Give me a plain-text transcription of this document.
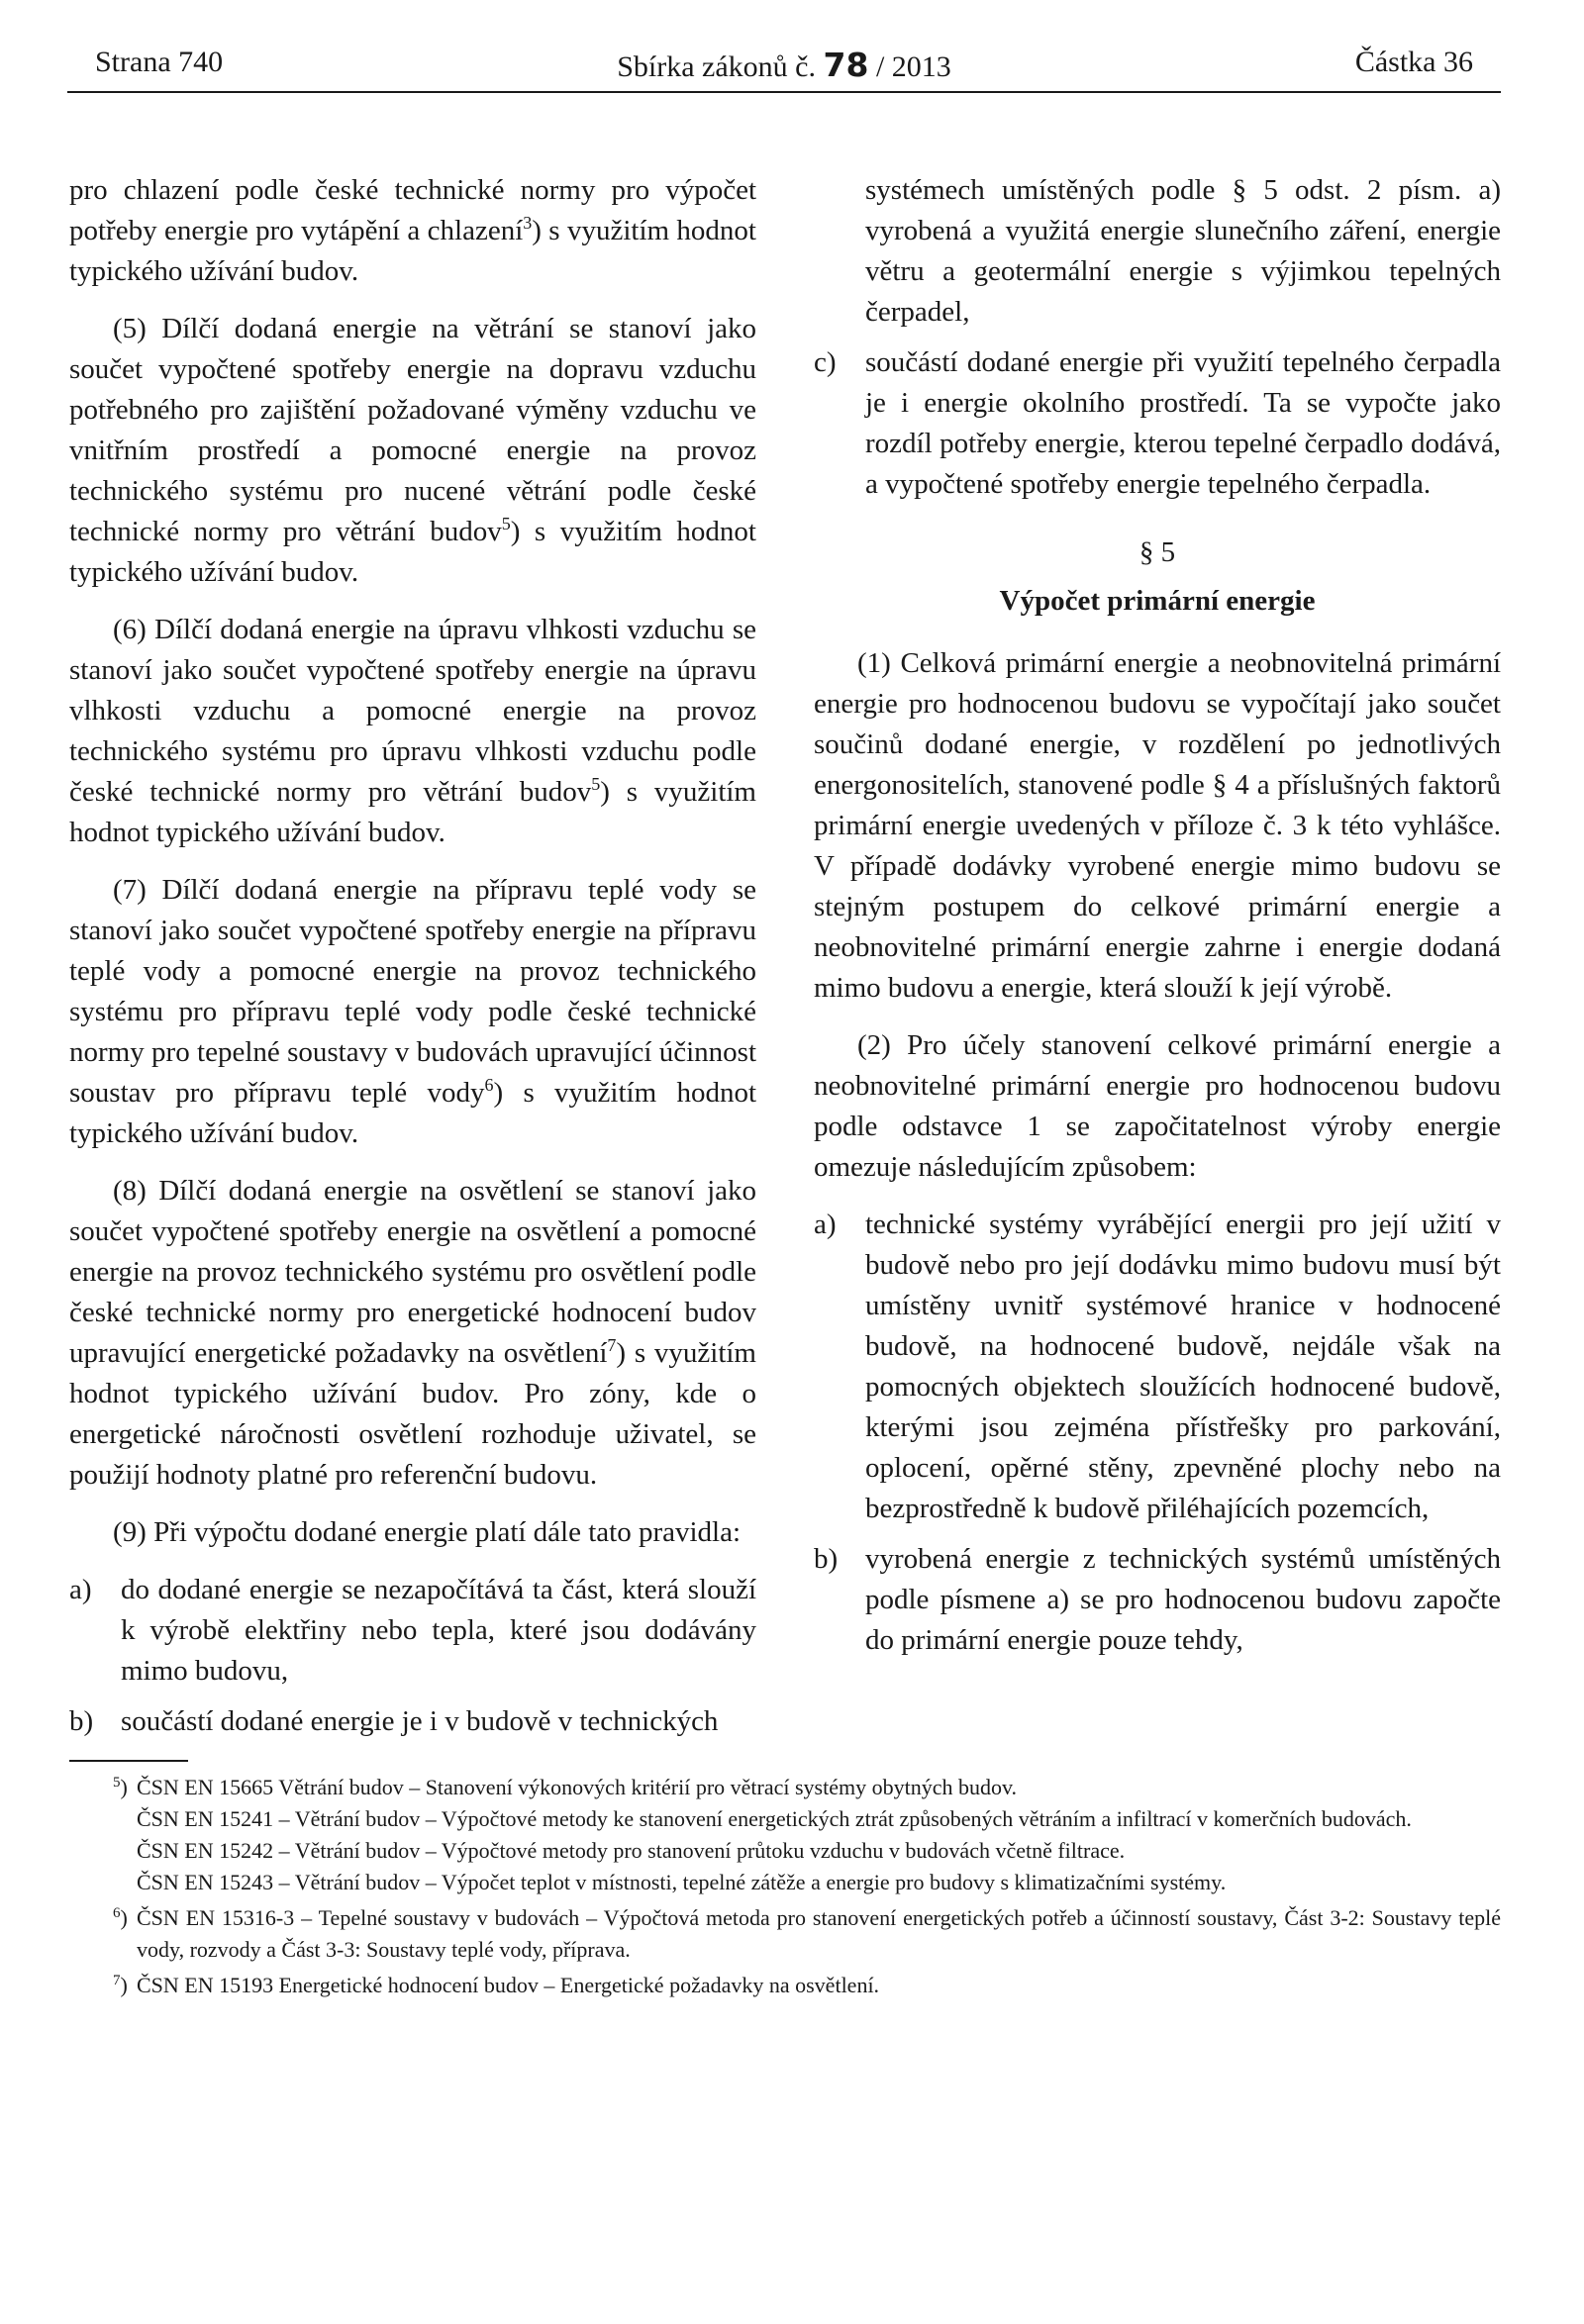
Strana 740	Sbírka zákonů č. 78 / 2013	Částka 36

pro chlazení podle české technické normy pro výpočet potřeby energie pro vytápění a chlazení$^3$) s využitím hodnot typického užívání budov.

(5) Dílčí dodaná energie na větrání se stanoví jako součet vypočtené spotřeby energie na dopravu vzduchu potřebného pro zajištění požadované výměny vzduchu ve vnitřním prostředí a pomocné energie na provoz technického systému pro nucené větrání podle české technické normy pro větrání budov$^5$) s využitím hodnot typického užívání budov.

(6) Dílčí dodaná energie na úpravu vlhkosti vzduchu se stanoví jako součet vypočtené spotřeby energie na úpravu vlhkosti vzduchu a pomocné energie na provoz technického systému pro úpravu vlhkosti vzduchu podle české technické normy pro větrání budov$^5$) s využitím hodnot typického užívání budov.

(7) Dílčí dodaná energie na přípravu teplé vody se stanoví jako součet vypočtené spotřeby energie na přípravu teplé vody a pomocné energie na provoz technického systému pro přípravu teplé vody podle české technické normy pro tepelné soustavy v budovách upravující účinnost soustav pro přípravu teplé vody$^6$) s využitím hodnot typického užívání budov.

(8) Dílčí dodaná energie na osvětlení se stanoví jako součet vypočtené spotřeby energie na osvětlení a pomocné energie na provoz technického systému pro osvětlení podle české technické normy pro energetické hodnocení budov upravující energetické požadavky na osvětlení$^7$) s využitím hodnot typického užívání budov. Pro zóny, kde o energetické náročnosti osvětlení rozhoduje uživatel, se použijí hodnoty platné pro referenční budovu.

(9) Při výpočtu dodané energie platí dále tato pravidla:

a) do dodané energie se nezapočítává ta část, která slouží k výrobě elektřiny nebo tepla, které jsou dodávány mimo budovu,
b) součástí dodané energie je i v budově v technických
systémech umístěných podle § 5 odst. 2 písm. a) vyrobená a využitá energie slunečního záření, energie větru a geotermální energie s výjimkou tepelných čerpadel,
c) součástí dodané energie při využití tepelného čerpadla je i energie okolního prostředí. Ta se vypočte jako rozdíl potřeby energie, kterou tepelné čerpadlo dodává, a vypočtené spotřeby energie tepelného čerpadla.
§ 5
Výpočet primární energie

(1) Celková primární energie a neobnovitelná primární energie pro hodnocenou budovu se vypočítají jako součet součinů dodané energie, v rozdělení po jednotlivých energonositelích, stanovené podle § 4 a příslušných faktorů primární energie uvedených v příloze č. 3 k této vyhlášce. V případě dodávky vyrobené energie mimo budovu se stejným postupem do celkové primární energie a neobnovitelné primární energie zahrne i energie dodaná mimo budovu a energie, která slouží k její výrobě.

(2) Pro účely stanovení celkové primární energie a neobnovitelné primární energie pro hodnocenou budovu podle odstavce 1 se započitatelnost výroby energie omezuje následujícím způsobem:

a) technické systémy vyrábějící energii pro její užití v budově nebo pro její dodávku mimo budovu musí být umístěny uvnitř systémové hranice v hodnocené budově, na hodnocené budově, nejdále však na pomocných objektech sloužících hodnocené budově, kterými jsou zejména přístřešky pro parkování, oplocení, opěrné stěny, zpevněné plochy nebo na bezprostředně k budově přiléhajících pozemcích,
b) vyrobená energie z technických systémů umístěných podle písmene a) se pro hodnocenou budovu započte do primární energie pouze tehdy,
$^5$) ČSN EN 15665 Větrání budov – Stanovení výkonových kritérií pro větrací systémy obytných budov.
ČSN EN 15241 – Větrání budov – Výpočtové metody ke stanovení energetických ztrát způsobených větráním a infiltrací v komerčních budovách.
ČSN EN 15242 – Větrání budov – Výpočtové metody pro stanovení průtoku vzduchu v budovách včetně filtrace.
ČSN EN 15243 – Větrání budov – Výpočet teplot v místnosti, tepelné zátěže a energie pro budovy s klimatizačními systémy.
$^6$) ČSN EN 15316-3 – Tepelné soustavy v budovách – Výpočtová metoda pro stanovení energetických potřeb a účinností soustavy, Část 3-2: Soustavy teplé vody, rozvody a Část 3-3: Soustavy teplé vody, příprava.
$^7$) ČSN EN 15193 Energetické hodnocení budov – Energetické požadavky na osvětlení.
